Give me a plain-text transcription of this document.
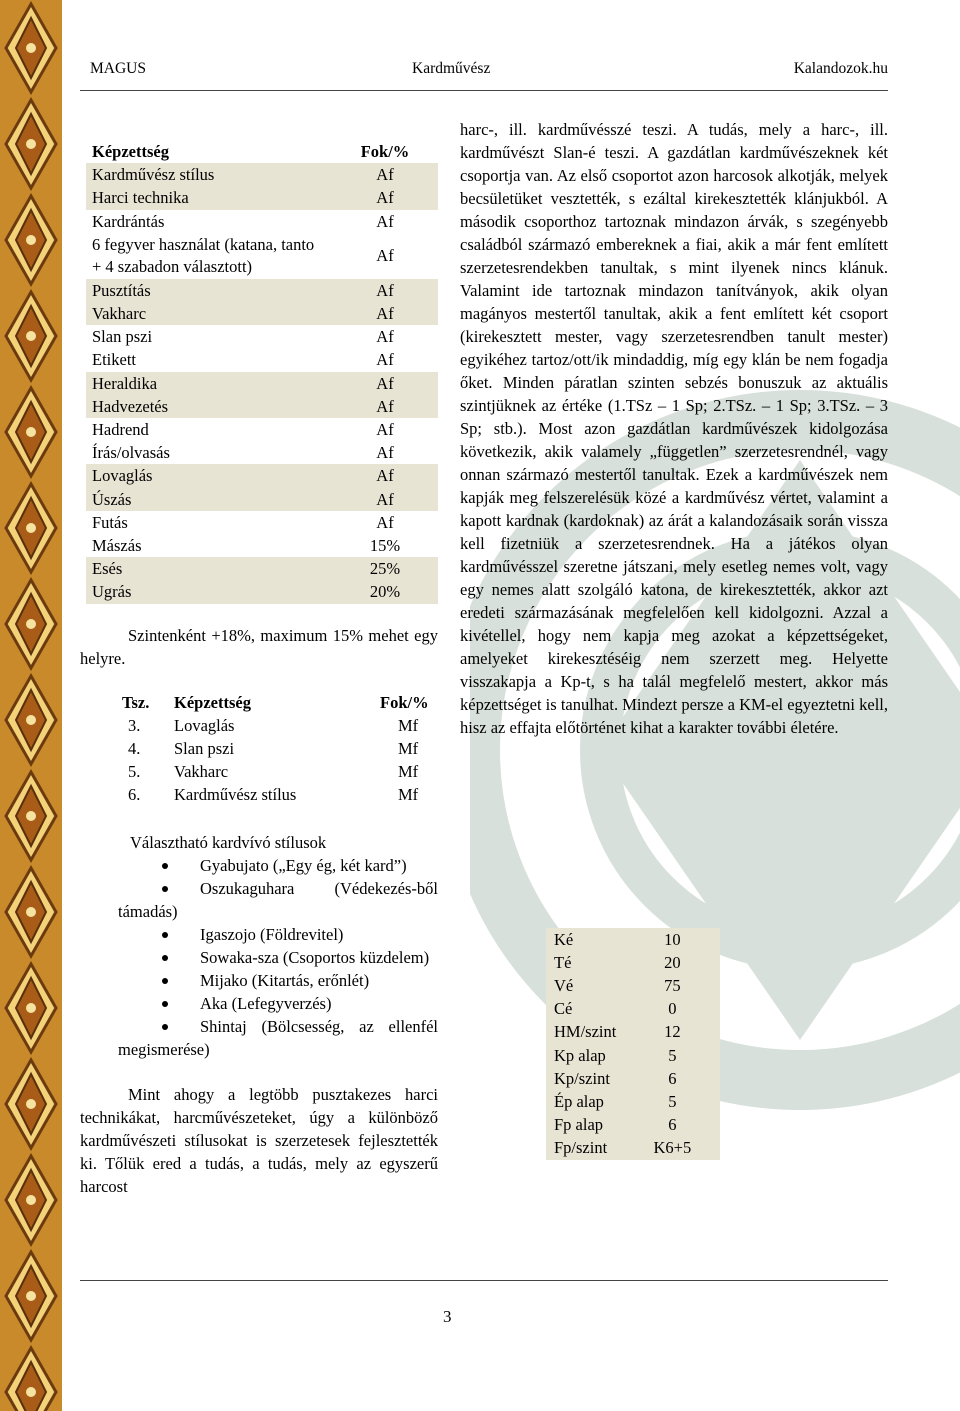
MAGUS	Kardművész	Kalandozok.hu
Képzettség	Fok/%
Kardművész stílus	Af
Harci technika	Af
Kardrántás	Af
6 fegyver használat (katana, tanto + 4 szabadon választott)	Af
Pusztítás	Af
Vakharc	Af
Slan pszi	Af
Etikett	Af
Heraldika	Af
Hadvezetés	Af
Hadrend	Af
Írás/olvasás	Af
Lovaglás	Af
Úszás	Af
Futás	Af
Mászás	15%
Esés	25%
Ugrás	20%

Szintenként +18%, maximum 15% mehet egy helyre.

Tsz.	Képzettség	Fok/%
3.	Lovaglás	Mf
4.	Slan pszi	Mf
5.	Vakharc	Mf
6.	Kardművész stílus	Mf
Választható kardvívó stílusok
Gyabujato („Egy ég, két kard”)
Oszukaguhara (Védekezés-ből támadás)
Igaszojo (Földrevitel)
Sowaka-sza (Csoportos küzdelem)
Mijako (Kitartás, erőnlét)
Aka (Lefegyverzés)
Shintaj (Bölcsesség, az ellenfél megismerése)

Mint ahogy a legtöbb pusztakezes harci technikákat, harcművészeteket, úgy a különböző kardművészeti stílusokat is szerzetesek fejlesztették ki. Tőlük ered a tudás, a tudás, mely az egyszerű harcost

harc-, ill. kardművésszé teszi. A tudás, mely a harc-, ill. kardművészt Slan-é teszi. A gazdátlan kardművészeknek két csoportja van. Az első csoportot azon harcosok alkotják, melyek becsületüket vesztették, s ezáltal kirekesztették klánjukból. A második csoporthoz tartoznak mindazon árvák, s szegényebb családból származó embereknek a fiai, akik a már fent említett szerzetesrendekben tanultak, s mint ilyenek nincs klánuk. Valamint ide tartoznak mindazon tanítványok, akik olyan magányos mestertől tanultak, akik a fent említett két csoport (kirekesztett mester, vagy szerzetesrendben tanult mester) egyikéhez tartoz/ott/ik mindaddig, míg egy klán be nem fogadja őket. Minden páratlan szinten sebzés bonuszuk az aktuális szintjüknek az értéke (1.TSz – 1 Sp; 2.TSz. – 1 Sp; 3.TSz. – 3 Sp; stb.). Most azon gazdátlan kardművészek kidolgozása következik, akik valamely „független” szerzetesrendnél, vagy onnan származó mestertől tanultak. Ezek a kardművészek nem kapják meg felszerelésük közé a kardművész vértet, valamint a kapott kardnak (kardoknak) az árát a kalandozásaik során vissza kell fizetniük a szerzetesrendnek. Ha a játékos olyan kardművésszel szeretne játszani, mely esetleg nemes volt, vagy egy nemes alatt szolgáló katona, de kirekesztették, akkor azt eredeti származásának megfelelően kell kidolgozni. Azzal a kivétellel, hogy nem kapja meg azokat a képzettségeket, amelyeket kirekesztéséig nem szerzett meg. Helyette visszakapja a Kp-t, s ha talál megfelelő mestert, akkor más képzettséget is tanulhat. Mindezt persze a KM-el egyeztetni kell, hisz az effajta előtörténet kihat a karakter további életére.

Ké	10
Té	20
Vé	75
Cé	0
HM/szint	12
Kp alap	5
Kp/szint	6
Ép alap	5
Fp alap	6
Fp/szint	K6+5
3
